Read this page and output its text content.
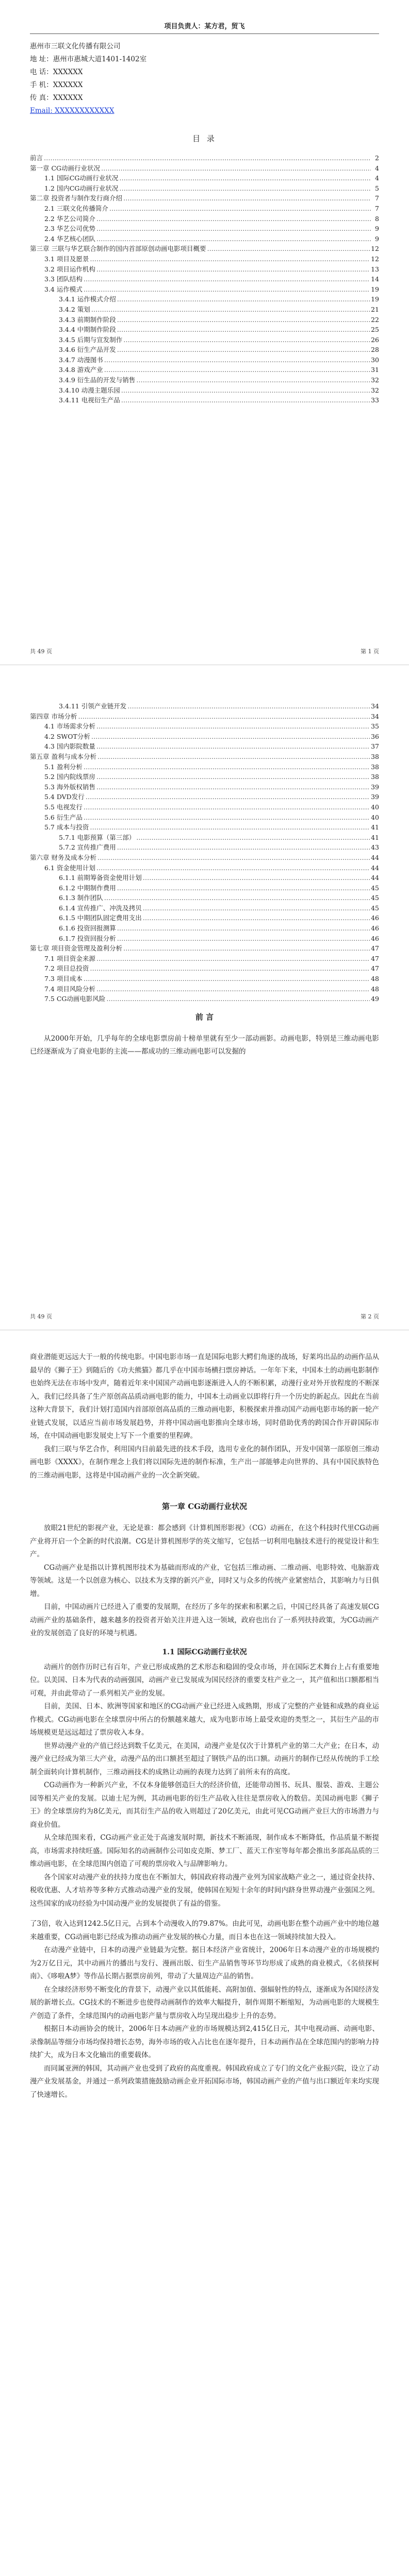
项目负责人：某方君，贸飞
惠州市三联文化传播有限公司
地 址：惠州市惠城大道1401-1402室
电 话：XXXXXX
手 机：XXXXXX
传 真：XXXXXX
Email: XXXXXXXXXXXX
目 录
前言 ……………………………………………………………………………………………………………………………………………………………………………………………………………………………………………………………………………………	2
第一章 CG动画行业状况 ……………………………………………………………………………………………………………………………………………………………………………………………………………………………………………………………………………………	4
1.1 国际CG动画行业状况 ……………………………………………………………………………………………………………………………………………………………………………………………………………………………………………………………………………………	4
1.2 国内CG动画行业状况 ……………………………………………………………………………………………………………………………………………………………………………………………………………………………………………………………………………………	5
第二章 投资者与制作发行商介绍 ……………………………………………………………………………………………………………………………………………………………………………………………………………………………………………………………………………………	7
2.1 三联文化传播简介 ……………………………………………………………………………………………………………………………………………………………………………………………………………………………………………………………………………………	7
2.2 华艺公司简介 ……………………………………………………………………………………………………………………………………………………………………………………………………………………………………………………………………………………	8
2.3 华艺公司优势 ……………………………………………………………………………………………………………………………………………………………………………………………………………………………………………………………………………………	9
2.4 华艺核心团队 ……………………………………………………………………………………………………………………………………………………………………………………………………………………………………………………………………………………	9
第三章 三联与华艺联合制作的国内首部原创动画电影项目概要 ……………………………………………………………………………………………………………………………………………………………………………………………………………………………………………………………………………………	12
3.1 项目及愿景 ……………………………………………………………………………………………………………………………………………………………………………………………………………………………………………………………………………………	12
3.2 项目运作机构 ……………………………………………………………………………………………………………………………………………………………………………………………………………………………………………………………………………………	13
3.3 团队结构 ……………………………………………………………………………………………………………………………………………………………………………………………………………………………………………………………………………………	14
3.4 运作模式 ……………………………………………………………………………………………………………………………………………………………………………………………………………………………………………………………………………………	19
3.4.1 运作模式介绍 ……………………………………………………………………………………………………………………………………………………………………………………………………………………………………………………………………………………	19
3.4.2 策划 ……………………………………………………………………………………………………………………………………………………………………………………………………………………………………………………………………………………	21
3.4.3 前期制作阶段 ……………………………………………………………………………………………………………………………………………………………………………………………………………………………………………………………………………………	22
3.4.4 中期制作阶段 ……………………………………………………………………………………………………………………………………………………………………………………………………………………………………………………………………………………	25
3.4.5 后期与宣发制作 ……………………………………………………………………………………………………………………………………………………………………………………………………………………………………………………………………………………	26
3.4.6 衍生产品开发 ……………………………………………………………………………………………………………………………………………………………………………………………………………………………………………………………………………………	28
3.4.7 动漫图书 ……………………………………………………………………………………………………………………………………………………………………………………………………………………………………………………………………………………	30
3.4.8 游戏产业 ……………………………………………………………………………………………………………………………………………………………………………………………………………………………………………………………………………………	31
3.4.9 衍生品的开发与销售 ……………………………………………………………………………………………………………………………………………………………………………………………………………………………………………………………………………………	32
3.4.10 动漫主题乐园 ……………………………………………………………………………………………………………………………………………………………………………………………………………………………………………………………………………………	32
3.4.11 电视衍生产品 ……………………………………………………………………………………………………………………………………………………………………………………………………………………………………………………………………………………	33
共 49 页	第 1 页
3.4.11 引领产业链开发 ……………………………………………………………………………………………………………………………………………………………………………………………………………………………………………………………………………………	34
第四章 市场分析 ……………………………………………………………………………………………………………………………………………………………………………………………………………………………………………………………………………………	34
4.1 市场需求分析 ……………………………………………………………………………………………………………………………………………………………………………………………………………………………………………………………………………………	35
4.2 SWOT分析 ……………………………………………………………………………………………………………………………………………………………………………………………………………………………………………………………………………………	36
4.3 国内影院数量 ……………………………………………………………………………………………………………………………………………………………………………………………………………………………………………………………………………………	37
第五章 盈利与成本分析 ……………………………………………………………………………………………………………………………………………………………………………………………………………………………………………………………………………………	38
5.1 盈利分析 ……………………………………………………………………………………………………………………………………………………………………………………………………………………………………………………………………………………	38
5.2 国内院线票房 ……………………………………………………………………………………………………………………………………………………………………………………………………………………………………………………………………………………	38
5.3 海外版权销售 ……………………………………………………………………………………………………………………………………………………………………………………………………………………………………………………………………………………	39
5.4 DVD发行 ……………………………………………………………………………………………………………………………………………………………………………………………………………………………………………………………………………………	39
5.5 电视发行 ……………………………………………………………………………………………………………………………………………………………………………………………………………………………………………………………………………………	40
5.6 衍生产品 ……………………………………………………………………………………………………………………………………………………………………………………………………………………………………………………………………………………	40
5.7 成本与投资 ……………………………………………………………………………………………………………………………………………………………………………………………………………………………………………………………………………………	41
5.7.1 电影预算（第三部） ……………………………………………………………………………………………………………………………………………………………………………………………………………………………………………………………………………………	41
5.7.2 宣传推广费用 ……………………………………………………………………………………………………………………………………………………………………………………………………………………………………………………………………………………	43
第六章 财务及成本分析 ……………………………………………………………………………………………………………………………………………………………………………………………………………………………………………………………………………………	44
6.1 资金使用计划 ……………………………………………………………………………………………………………………………………………………………………………………………………………………………………………………………………………………	44
6.1.1 前期筹备资金使用计划 ……………………………………………………………………………………………………………………………………………………………………………………………………………………………………………………………………………………	44
6.1.2 中期制作费用 ……………………………………………………………………………………………………………………………………………………………………………………………………………………………………………………………………………………	45
6.1.3 制作团队 ……………………………………………………………………………………………………………………………………………………………………………………………………………………………………………………………………………………	45
6.1.4 宣传推广、冲洗及拷贝 ……………………………………………………………………………………………………………………………………………………………………………………………………………………………………………………………………………………	45
6.1.5 中期团队固定费用支出 ……………………………………………………………………………………………………………………………………………………………………………………………………………………………………………………………………………………	46
6.1.6 投资回报测算 ……………………………………………………………………………………………………………………………………………………………………………………………………………………………………………………………………………………	46
6.1.7 投资回报分析 ……………………………………………………………………………………………………………………………………………………………………………………………………………………………………………………………………………………	46
第七章 项目资金管理及盈利分析 ……………………………………………………………………………………………………………………………………………………………………………………………………………………………………………………………………………………	47
7.1 项目资金来源 ……………………………………………………………………………………………………………………………………………………………………………………………………………………………………………………………………………………	47
7.2 项目总投资 ……………………………………………………………………………………………………………………………………………………………………………………………………………………………………………………………………………………	47
7.3 项目成本 ……………………………………………………………………………………………………………………………………………………………………………………………………………………………………………………………………………………	48
7.4 项目风险分析 ……………………………………………………………………………………………………………………………………………………………………………………………………………………………………………………………………………………	48
7.5 CG动画电影风险 ……………………………………………………………………………………………………………………………………………………………………………………………………………………………………………………………………………………	49
前 言

从2000年开始，几乎每年的全球电影票房前十榜单里就有至少一部动画影。动画电影，特别是三维动画电影已经逐渐成为了商业电影的主流——都成功的三维动画电影可以发掘的

共 49 页	第 2 页

商业潜能更远远大于一般的传统电影。中国电影市场一直是国际电影大鳄们角逐的战场，好莱坞出品的动画作品从最早的《狮子王》到随后的《功夫熊猫》都几乎在中国市场横扫票房神话。一年年下来，中国本土的动画电影制作也始终无法在市场中发声，随着近年来中国国产动画电影逐渐进入人的不断积累，动漫行业对外开放程度的不断深入，我们已经具备了生产原创高品质动画电影的能力，中国本土动画业以即将行升一个历史的新起点。因此在当前这种大背景下，我们计划打造国内首部原创高品质的三维动画电影，积极探索并推动国产动画电影市场的新一轮产业链式发展，以适应当前市场发展趋势，并将中国动画电影推向全球市场，同时借助优秀的跨国合作开辟国际市场，在中国动画电影发展史上写下一个重要的里程碑。

我们三联与华艺合作，利用国内目前最先进的技术手段，选用专业化的制作团队，开发中国第一部原创三维动画电影《XXXX》，在制作理念上我们将以国际先进的制作标准，生产出一部能够走向世界的、具有中国民族特色的三维动画电影，这将是中国动画产业的一次全新突破。

第一章 CG动画行业状况

放眼21世纪的影视产业，无论是谁：都会感到《计算机图形影视》（CG）动画在，在这个科技时代里CG动画产业将开启一个全新的时代浪潮。CG是计算机图形学的英文缩写，它包括一切利用电脑技术进行的视觉设计和生产。

CG动画产业是指以计算机图形技术为基础而形成的产业，它包括三维动画、二维动画、电影特效、电脑游戏等领域。这是一个以创意为核心、以技术为支撑的新兴产业，同时又与众多的传统产业紧密结合，其影响力与日俱增。

目前，中国动画片已经进入了重要的发展期，在经历了多年的探索和积累之后，中国已经具备了高速发展CG动画产业的基础条件，越来越多的投资者开始关注并进入这一领域，政府也出台了一系列扶持政策，为CG动画产业的发展创造了良好的环境与机遇。

1.1 国际CG动画行业状况

动画片的创作历时已有百年，产业已形成成熟的艺术形态和稳固的受众市场，并在国际艺术舞台上占有重要地位。以美国、日本为代表的动画强国，动画产业已发展成为国民经济的重要支柱产业之一，其产值和出口额都相当可观，并由此带动了一系列相关产业的发展。

目前，美国、日本、欧洲等国家和地区的CG动画产业已经进入成熟期，形成了完整的产业链和成熟的商业运作模式。CG动画电影在全球票房中所占的份额越来越大，成为电影市场上最受欢迎的类型之一，其衍生产品的市场规模更是远远超过了票房收入本身。

世界动漫产业的产值已经达到数千亿美元，在美国，动漫产业是仅次于计算机产业的第二大产业；在日本，动漫产业已经成为第三大产业，动漫产品的出口额甚至超过了钢铁产品的出口额。动画片的制作已经从传统的手工绘制全面转向计算机制作，三维动画技术的成熟让动画的表现力达到了前所未有的高度。

CG动画作为一种新兴产业，不仅本身能够创造巨大的经济价值，还能带动图书、玩具、服装、游戏、主题公园等相关产业的发展。以迪士尼为例，其动画电影的衍生产品收入往往是票房收入的数倍。美国动画电影《狮子王》的全球票房约为8亿美元，而其衍生产品的收入则超过了20亿美元，由此可见CG动画产业巨大的市场潜力与商业价值。

从全球范围来看，CG动画产业正处于高速发展时期，新技术不断涌现，制作成本不断降低，作品质量不断提高，市场需求持续旺盛。国际知名的动画制作公司如皮克斯、梦工厂、蓝天工作室等每年都会推出多部高品质的三维动画电影，在全球范围内创造了可观的票房收入与品牌影响力。

各个国家对动漫产业的扶持力度也在不断加大，韩国政府将动漫产业列为国家战略产业之一，通过资金扶持、税收优惠、人才培养等多种方式推动动漫产业的发展，使韩国在短短十余年的时间内跻身世界动漫产业强国之列。这些国家的成功经验为中国动漫产业的发展提供了有益的借鉴。

了3倍，收入达到1242.5亿日元，占到本个动漫收入的79.87%。由此可见，动画电影在整个动画产业中的地位越来越重要，CG动画电影已经成为推动动画产业发展的核心力量，而日本也在这一领域持续加大投入。

在动漫产业链中，日本的动漫产业链最为完整。据日本经济产业省统计，2006年日本动漫产业的市场规模约为2万亿日元，其中动画片的播出与发行、漫画出版、衍生产品销售等环节均形成了成熟的商业模式，《名侦探柯南》、《哆啦A梦》等作品长期占据票房前列，带动了大量周边产品的销售。

在全球经济形势不断变化的背景下，动漫产业以其低能耗、高附加值、强辐射性的特点，逐渐成为各国经济发展的新增长点。CG技术的不断进步也使得动画制作的效率大幅提升，制作周期不断缩短，为动画电影的大规模生产创造了条件，全球范围内的动画电影产量与票房收入均呈现出稳步上升的态势。

根据日本动画协会的统计，2006年日本动画产业的市场规模达到2,415亿日元，其中电视动画、动画电影、录像制品等细分市场均保持增长态势，海外市场的收入占比也在逐年提升，日本动画作品在全球范围内的影响力持续扩大，成为日本文化输出的重要载体。

而同属亚洲的韩国，其动画产业也受到了政府的高度重视。韩国政府成立了专门的文化产业振兴院，设立了动漫产业发展基金，并通过一系列政策措施鼓励动画企业开拓国际市场，韩国动画产业的产值与出口额近年来均实现了快速增长。
